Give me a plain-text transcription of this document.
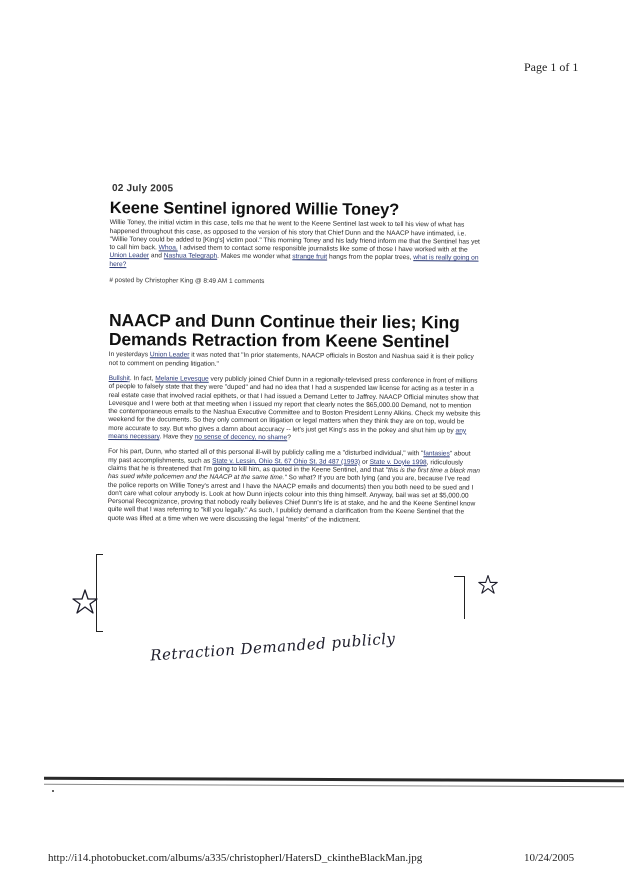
Page 1 of 1
02 July 2005
Keene Sentinel ignored Willie Toney?

Willie Toney, the initial victim in this case, tells me that he went to the Keene Sentinel last week to tell his view of what has happened throughout this case, as opposed to the version of his story that Chief Dunn and the NAACP have intimated, i.e. "Willie Toney could be added to [King's] victim pool." This morning Toney and his lady friend inform me that the Sentinel has yet to call him back. Whoa. I advised them to contact some responsible journalists like some of those I have worked with at the Union Leader and Nashua Telegraph. Makes me wonder what strange fruit hangs from the poplar trees, what is really going on here?

# posted by Christopher King @ 8:49 AM 1 comments
NAACP and Dunn Continue their lies; King Demands Retraction from Keene Sentinel

In yesterdays Union Leader it was noted that "In prior statements, NAACP officials in Boston and Nashua said it is their policy not to comment on pending litigation."

Bullshit. In fact, Melanie Levesque very publicly joined Chief Dunn in a regionally-televised press conference in front of millions of people to falsely state that they were "duped" and had no idea that I had a suspended law license for acting as a tester in a real estate case that involved racial epithets, or that I had issued a Demand Letter to Jaffrey. NAACP Official minutes show that Levesque and I were both at that meeting when I issued my report that clearly notes the $65,000.00 Demand, not to mention the contemporaneous emails to the Nashua Executive Committee and to Boston President Lenny Alkins. Check my website this weekend for the documents. So they only comment on litigation or legal matters when they think they are on top, would be more accurate to say. But who gives a damn about accuracy -- let's just get King's ass in the pokey and shut him up by any means necessary. Have they no sense of decency, no shame?

For his part, Dunn, who started all of this personal ill-will by publicly calling me a "disturbed individual," with "fantasies" about my past accomplishments, such as State v. Lessin, Ohio St. 67 Ohio St. 3d 487 (1993) or State v. Doyle 1998, ridiculously claims that he is threatened that I'm going to kill him, as quoted in the Keene Sentinel, and that "this is the first time a black man has sued white policemen and the NAACP at the same time." So what? If you are both lying (and you are, because I've read the police reports on Willie Toney's arrest and I have the NAACP emails and documents) then you both need to be sued and I don't care what colour anybody is. Look at how Dunn injects colour into this thing himself. Anyway, bail was set at $5,000.00 Personal Recognizance, proving that nobody really believes Chief Dunn's life is at stake, and he and the Keene Sentinel know quite well that I was referring to "kill you legally." As such, I publicly demand a clarification from the Keene Sentinel that the quote was lifted at a time when we were discussing the legal "merits" of the indictment.

Retraction Demanded publicly
http://i14.photobucket.com/albums/a335/christopherl/HatersD_ckintheBlackMan.jpg	10/24/2005
